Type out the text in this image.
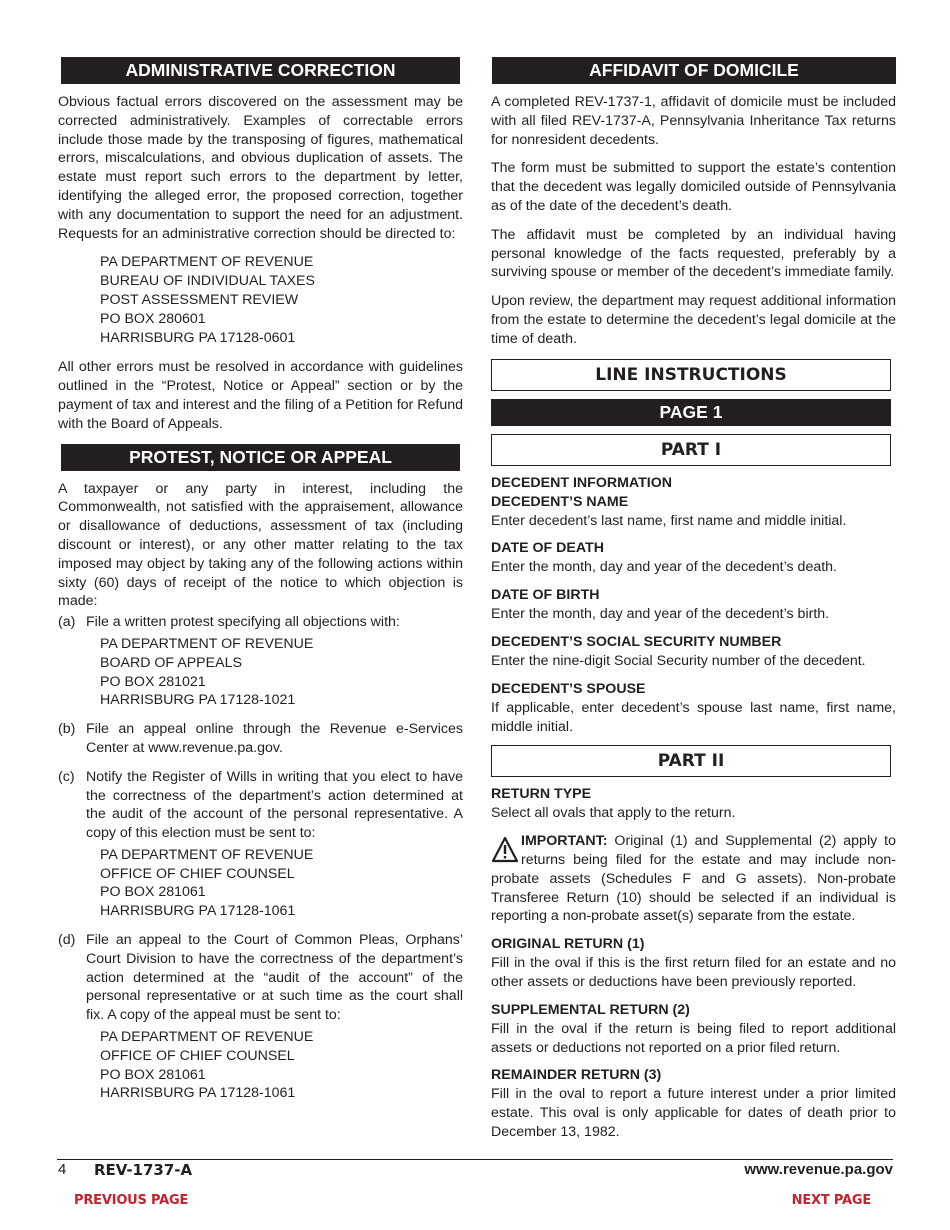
ADMINISTRATIVE CORRECTION

Obvious factual errors discovered on the assessment may be corrected administratively. Examples of correctable errors include those made by the transposing of figures, mathematical errors, miscalculations, and obvious duplication of assets. The estate must report such errors to the department by letter, identifying the alleged error, the proposed correction, together with any documentation to support the need for an adjustment. Requests for an administrative correction should be directed to:

PA DEPARTMENT OF REVENUE
BUREAU OF INDIVIDUAL TAXES
POST ASSESSMENT REVIEW
PO BOX 280601
HARRISBURG PA 17128-0601

All other errors must be resolved in accordance with guidelines outlined in the “Protest, Notice or Appeal” section or by the payment of tax and interest and the filing of a Petition for Refund with the Board of Appeals.

PROTEST, NOTICE OR APPEAL

A taxpayer or any party in interest, including the Commonwealth, not satisfied with the appraisement, allowance or disallowance of deductions, assessment of tax (including discount or interest), or any other matter relating to the tax imposed may object by taking any of the following actions within sixty (60) days of receipt of the notice to which objection is made:

(a) File a written protest specifying all objections with:
PA DEPARTMENT OF REVENUE
BOARD OF APPEALS
PO BOX 281021
HARRISBURG PA 17128-1021
(b) File an appeal online through the Revenue e-Services Center at www.revenue.pa.gov.
(c) Notify the Register of Wills in writing that you elect to have the correctness of the department’s action determined at the audit of the account of the personal representative. A copy of this election must be sent to:
PA DEPARTMENT OF REVENUE
OFFICE OF CHIEF COUNSEL
PO BOX 281061
HARRISBURG PA 17128-1061
(d) File an appeal to the Court of Common Pleas, Orphans’ Court Division to have the correctness of the department’s action determined at the “audit of the account” of the personal representative or at such time as the court shall fix. A copy of the appeal must be sent to:
PA DEPARTMENT OF REVENUE
OFFICE OF CHIEF COUNSEL
PO BOX 281061
HARRISBURG PA 17128-1061
AFFIDAVIT OF DOMICILE

A completed REV-1737-1, affidavit of domicile must be included with all filed REV-1737-A, Pennsylvania Inheritance Tax returns for nonresident decedents.

The form must be submitted to support the estate’s contention that the decedent was legally domiciled outside of Pennsylvania as of the date of the decedent’s death.

The affidavit must be completed by an individual having personal knowledge of the facts requested, preferably by a surviving spouse or member of the decedent’s immediate family.

Upon review, the department may request additional information from the estate to determine the decedent’s legal domicile at the time of death.

LINE INSTRUCTIONS
PAGE 1
PART I
DECEDENT INFORMATION
DECEDENT’S NAME

Enter decedent’s last name, first name and middle initial.

DATE OF DEATH

Enter the month, day and year of the decedent’s death.

DATE OF BIRTH

Enter the month, day and year of the decedent’s birth.

DECEDENT’S SOCIAL SECURITY NUMBER

Enter the nine-digit Social Security number of the decedent.

DECEDENT’S SPOUSE

If applicable, enter decedent’s spouse last name, first name, middle initial.

PART II
RETURN TYPE

Select all ovals that apply to the return.

IMPORTANT: Original (1) and Supplemental (2) apply to returns being filed for the estate and may include non-probate assets (Schedules F and G assets). Non-probate Transferee Return (10) should be selected if an individual is reporting a non-probate asset(s) separate from the estate.
ORIGINAL RETURN (1)

Fill in the oval if this is the first return filed for an estate and no other assets or deductions have been previously reported.

SUPPLEMENTAL RETURN (2)

Fill in the oval if the return is being filed to report additional assets or deductions not reported on a prior filed return.

REMAINDER RETURN (3)

Fill in the oval to report a future interest under a prior limited estate. This oval is only applicable for dates of death prior to December 13, 1982.

4 REV-1737-A	www.revenue.pa.gov
PREVIOUS PAGE	NEXT PAGE
